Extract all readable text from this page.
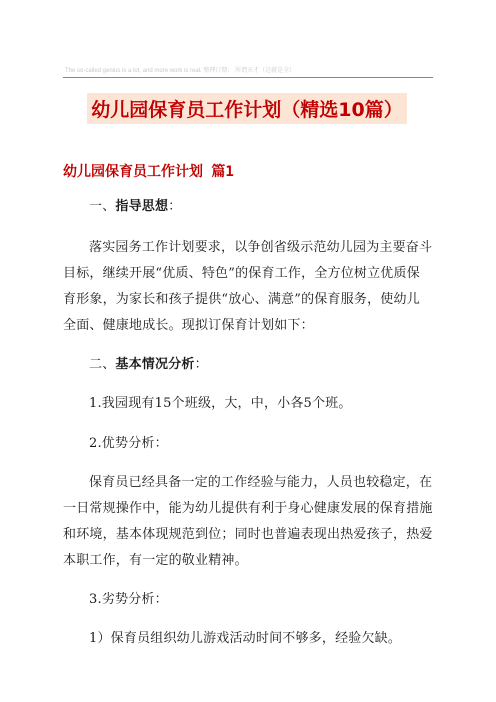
The so-called genius is a lot, and more work is real. 整理日期： 所谓天才（这就是全）
幼儿园保育员工作计划（精选10篇）
幼儿园保育员工作计划 篇1
一、指导思想：
落实园务工作计划要求，以争创省级示范幼儿园为主要奋斗
目标，继续开展“优质、特色”的保育工作，全方位树立优质保
育形象，为家长和孩子提供“放心、满意”的保育服务，使幼儿
全面、健康地成长。现拟订保育计划如下：
二、基本情况分析：
1.我园现有15个班级，大，中，小各5个班。
2.优势分析：
保育员已经具备一定的工作经验与能力，人员也较稳定，在
一日常规操作中，能为幼儿提供有利于身心健康发展的保育措施
和环境，基本体现规范到位；同时也普遍表现出热爱孩子，热爱
本职工作，有一定的敬业精神。
3.劣势分析：
1）保育员组织幼儿游戏活动时间不够多，经验欠缺。
